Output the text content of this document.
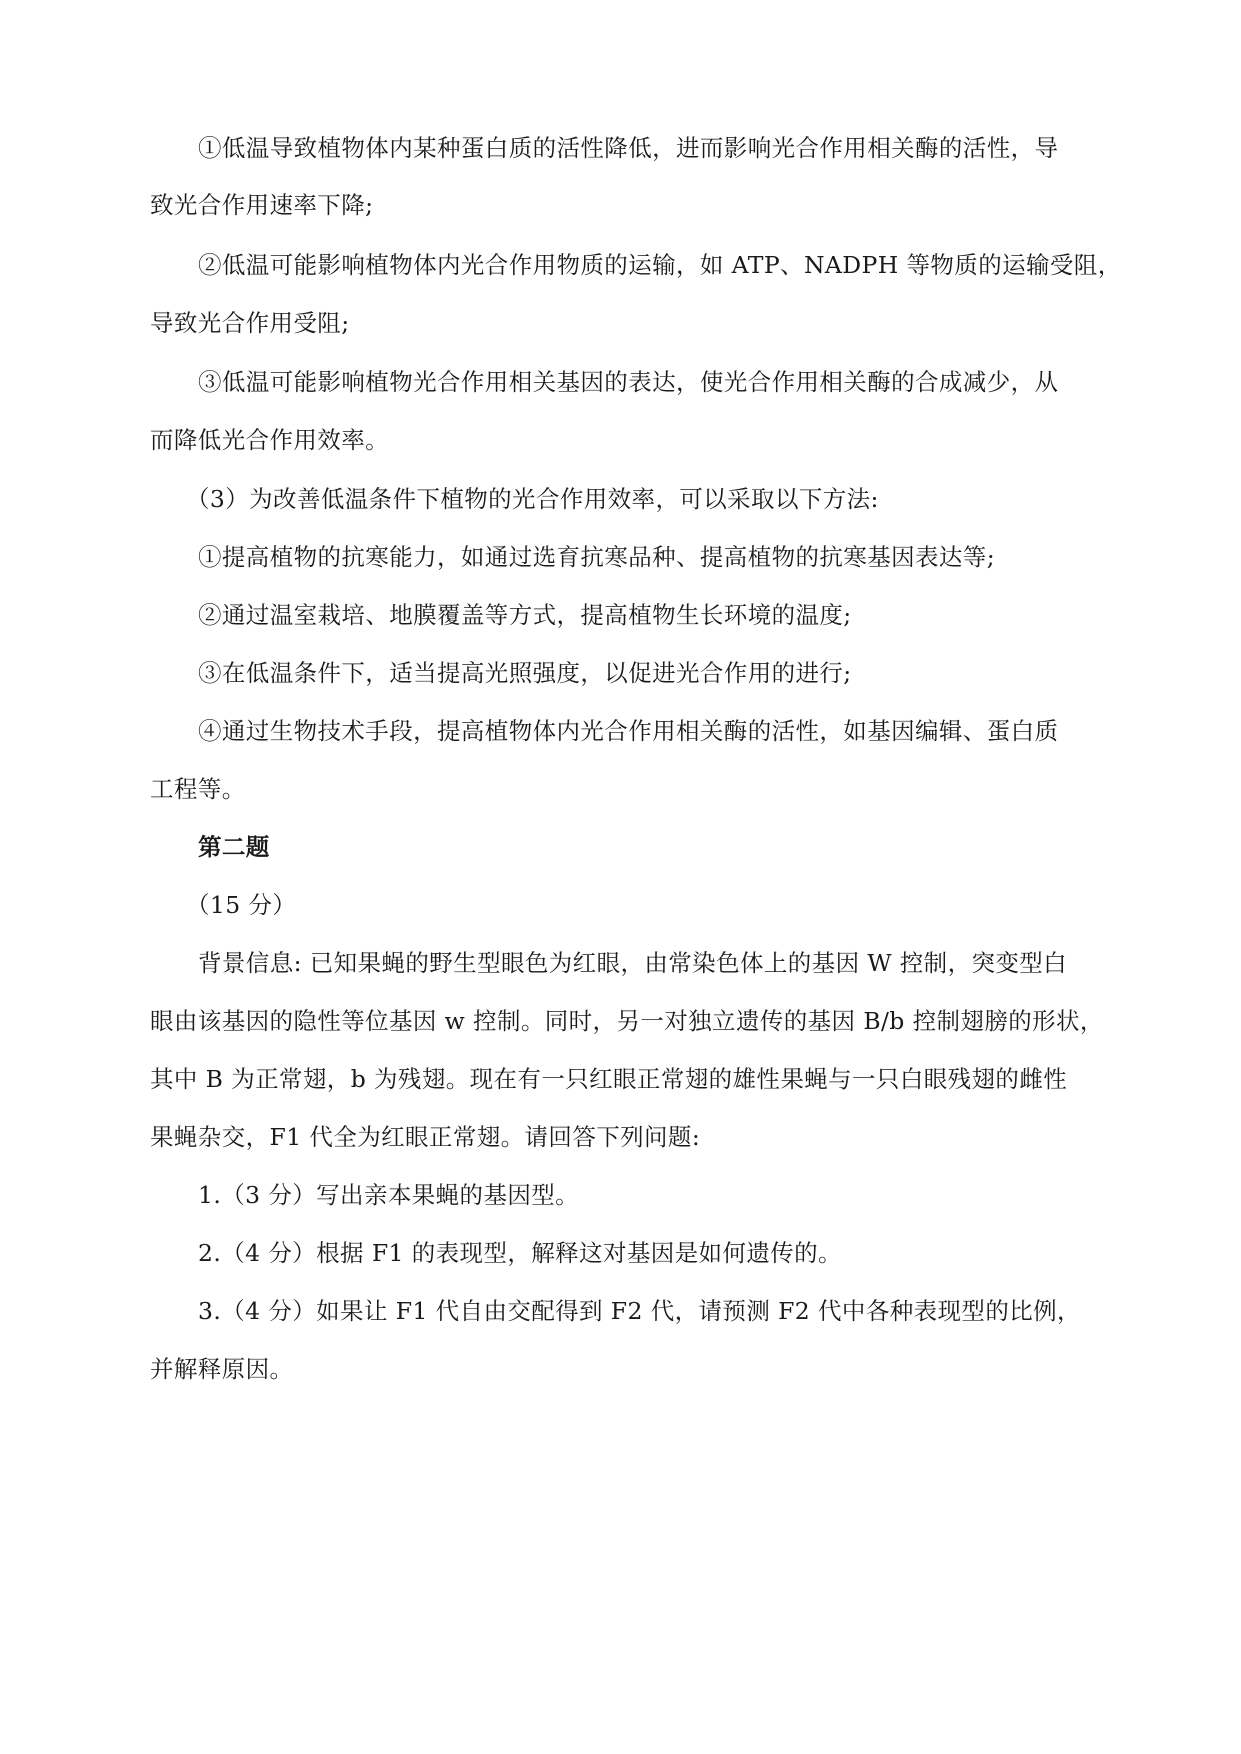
①低温导致植物体内某种蛋白质的活性降低，进而影响光合作用相关酶的活性，导
致光合作用速率下降;
②低温可能影响植物体内光合作用物质的运输，如 ATP、NADPH 等物质的运输受阻，
导致光合作用受阻;
③低温可能影响植物光合作用相关基因的表达，使光合作用相关酶的合成减少，从
而降低光合作用效率。
（3）为改善低温条件下植物的光合作用效率，可以采取以下方法:
①提高植物的抗寒能力，如通过选育抗寒品种、提高植物的抗寒基因表达等;
②通过温室栽培、地膜覆盖等方式，提高植物生长环境的温度;
③在低温条件下，适当提高光照强度，以促进光合作用的进行;
④通过生物技术手段，提高植物体内光合作用相关酶的活性，如基因编辑、蛋白质
工程等。
第二题
（15 分）
背景信息: 已知果蝇的野生型眼色为红眼，由常染色体上的基因 W 控制，突变型白
眼由该基因的隐性等位基因 w 控制。同时，另一对独立遗传的基因 B/b 控制翅膀的形状，
其中 B 为正常翅，b 为残翅。现在有一只红眼正常翅的雄性果蝇与一只白眼残翅的雌性
果蝇杂交，F1 代全为红眼正常翅。请回答下列问题:
1.（3 分）写出亲本果蝇的基因型。
2.（4 分）根据 F1 的表现型，解释这对基因是如何遗传的。
3.（4 分）如果让 F1 代自由交配得到 F2 代，请预测 F2 代中各种表现型的比例，
并解释原因。
